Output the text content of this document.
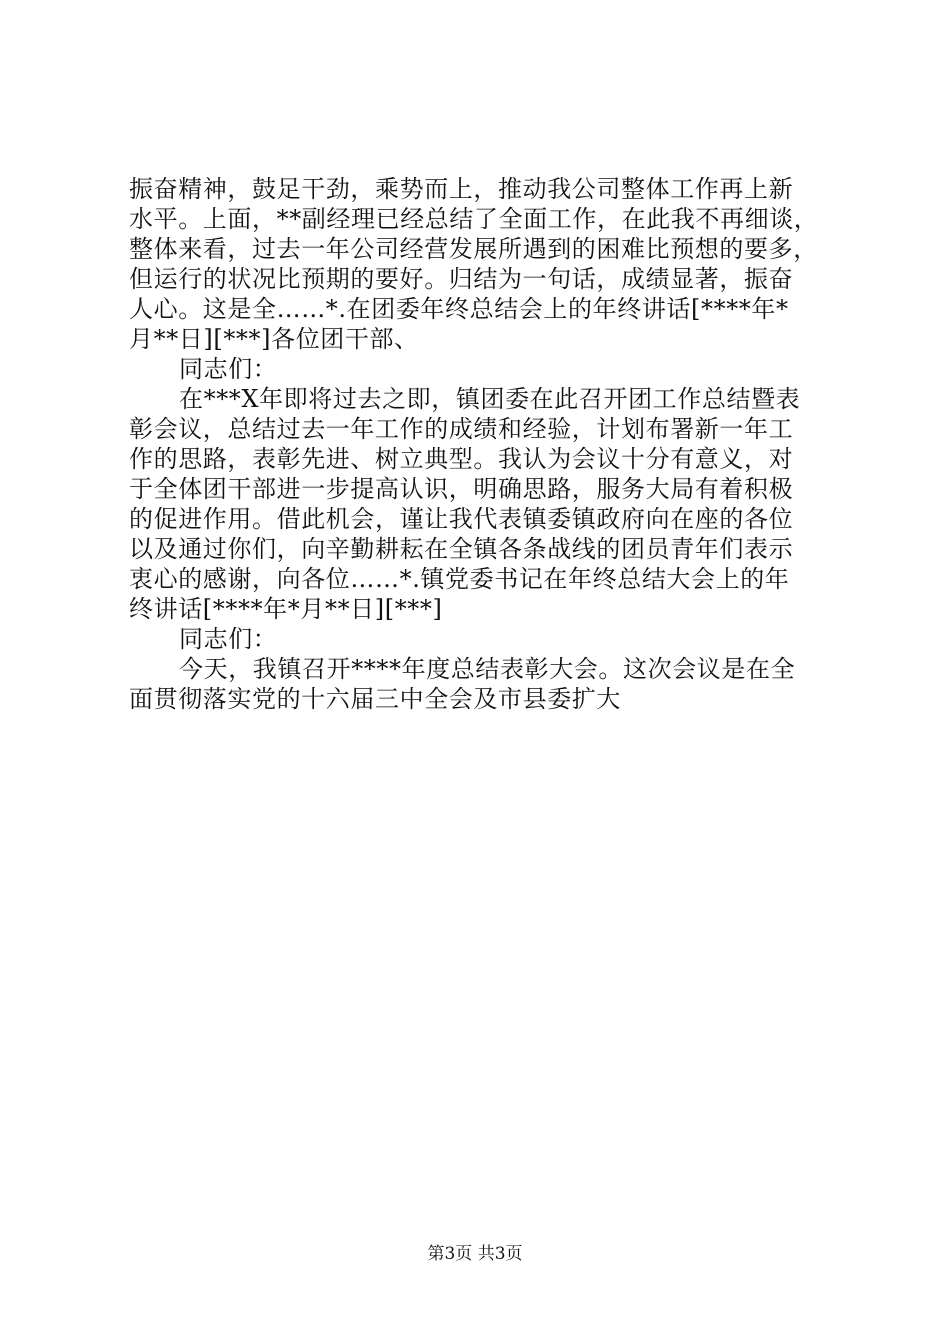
振奋精神，鼓足干劲，乘势而上，推动我公司整体工作再上新
水平。上面，**副经理已经总结了全面工作，在此我不再细谈，
整体来看，过去一年公司经营发展所遇到的困难比预想的要多，
但运行的状况比预期的要好。归结为一句话，成绩显著，振奋
人心。这是全……*.在团委年终总结会上的年终讲话[****年*
月**日][***]各位团干部、
同志们：
在***X年即将过去之即，镇团委在此召开团工作总结暨表
彰会议，总结过去一年工作的成绩和经验，计划布署新一年工
作的思路，表彰先进、树立典型。我认为会议十分有意义，对
于全体团干部进一步提高认识，明确思路，服务大局有着积极
的促进作用。借此机会，谨让我代表镇委镇政府向在座的各位
以及通过你们，向辛勤耕耘在全镇各条战线的团员青年们表示
衷心的感谢，向各位……*.镇党委书记在年终总结大会上的年
终讲话[****年*月**日][***]
同志们：
今天，我镇召开****年度总结表彰大会。这次会议是在全
面贯彻落实党的十六届三中全会及市县委扩大
第3页 共3页
